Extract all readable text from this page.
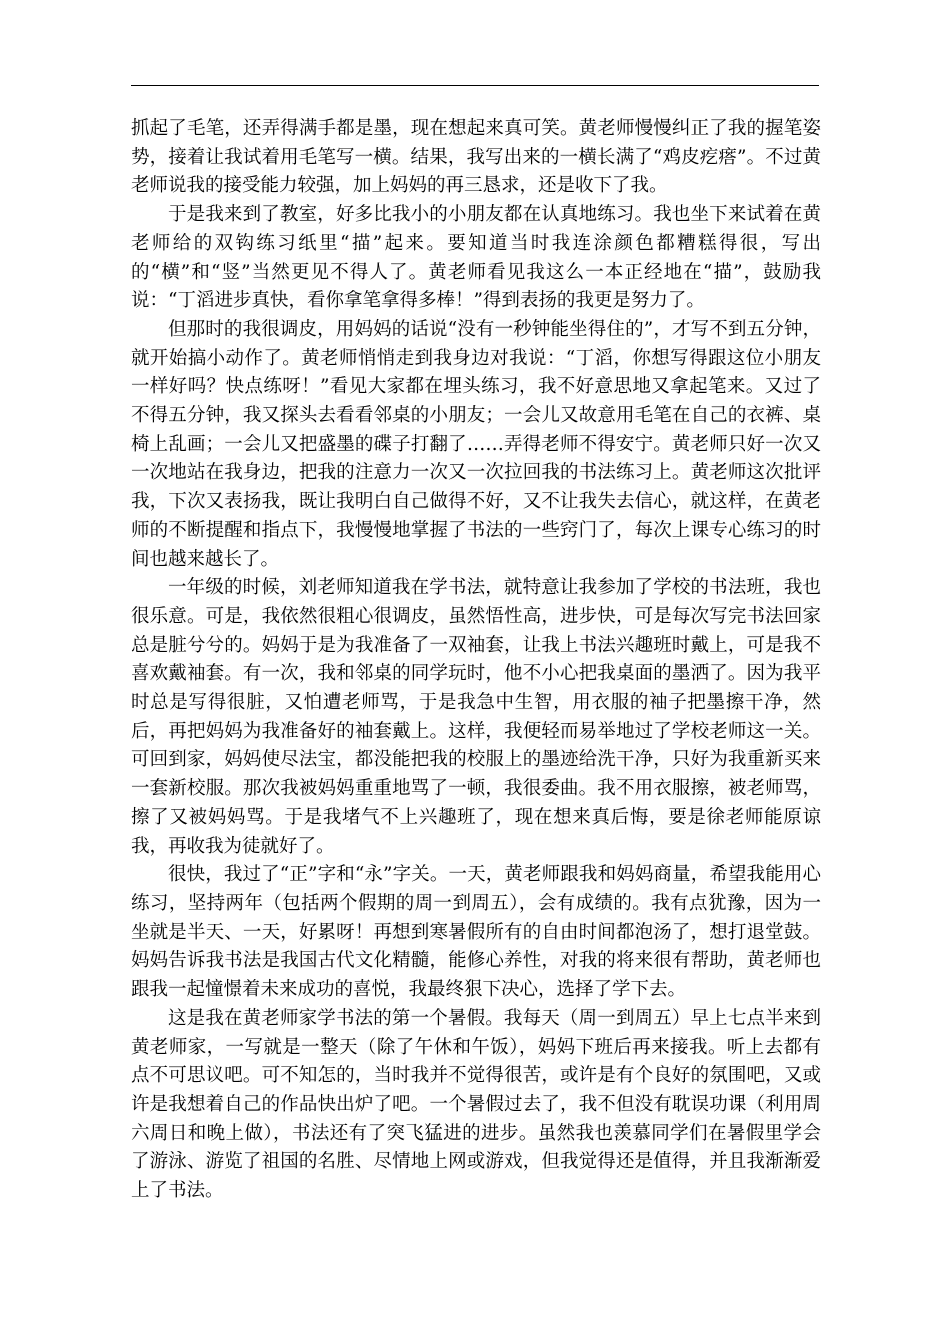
抓起了毛笔，还弄得满手都是墨，现在想起来真可笑。黄老师慢慢纠正了我的握笔姿势，接着让我试着用毛笔写一横。结果，我写出来的一横长满了“鸡皮疙瘩”。不过黄老师说我的接受能力较强，加上妈妈的再三恳求，还是收下了我。

于是我来到了教室，好多比我小的小朋友都在认真地练习。我也坐下来试着在黄老师给的双钩练习纸里“描”起来。要知道当时我连涂颜色都糟糕得很，写出的“横”和“竖”当然更见不得人了。黄老师看见我这么一本正经地在“描”，鼓励我说：“丁滔进步真快，看你拿笔拿得多棒！”得到表扬的我更是努力了。

但那时的我很调皮，用妈妈的话说“没有一秒钟能坐得住的”，才写不到五分钟，就开始搞小动作了。黄老师悄悄走到我身边对我说：“丁滔，你想写得跟这位小朋友一样好吗？快点练呀！”看见大家都在埋头练习，我不好意思地又拿起笔来。又过了不得五分钟，我又探头去看看邻桌的小朋友；一会儿又故意用毛笔在自己的衣裤、桌椅上乱画；一会儿又把盛墨的碟子打翻了……弄得老师不得安宁。黄老师只好一次又一次地站在我身边，把我的注意力一次又一次拉回我的书法练习上。黄老师这次批评我，下次又表扬我，既让我明白自己做得不好，又不让我失去信心，就这样，在黄老师的不断提醒和指点下，我慢慢地掌握了书法的一些窍门了，每次上课专心练习的时间也越来越长了。

一年级的时候，刘老师知道我在学书法，就特意让我参加了学校的书法班，我也很乐意。可是，我依然很粗心很调皮，虽然悟性高，进步快，可是每次写完书法回家总是脏兮兮的。妈妈于是为我准备了一双袖套，让我上书法兴趣班时戴上，可是我不喜欢戴袖套。有一次，我和邻桌的同学玩时，他不小心把我桌面的墨洒了。因为我平时总是写得很脏，又怕遭老师骂，于是我急中生智，用衣服的袖子把墨擦干净，然后，再把妈妈为我准备好的袖套戴上。这样，我便轻而易举地过了学校老师这一关。可回到家，妈妈使尽法宝，都没能把我的校服上的墨迹给洗干净，只好为我重新买来一套新校服。那次我被妈妈重重地骂了一顿，我很委曲。我不用衣服擦，被老师骂，擦了又被妈妈骂。于是我堵气不上兴趣班了，现在想来真后悔，要是徐老师能原谅我，再收我为徒就好了。

很快，我过了“正”字和“永”字关。一天，黄老师跟我和妈妈商量，希望我能用心练习，坚持两年（包括两个假期的周一到周五），会有成绩的。我有点犹豫，因为一坐就是半天、一天，好累呀！再想到寒暑假所有的自由时间都泡汤了，想打退堂鼓。妈妈告诉我书法是我国古代文化精髓，能修心养性，对我的将来很有帮助，黄老师也跟我一起憧憬着未来成功的喜悦，我最终狠下决心，选择了学下去。

这是我在黄老师家学书法的第一个暑假。我每天（周一到周五）早上七点半来到黄老师家，一写就是一整天（除了午休和午饭），妈妈下班后再来接我。听上去都有点不可思议吧。可不知怎的，当时我并不觉得很苦，或许是有个良好的氛围吧，又或许是我想着自己的作品快出炉了吧。一个暑假过去了，我不但没有耽误功课（利用周六周日和晚上做），书法还有了突飞猛进的进步。虽然我也羡慕同学们在暑假里学会了游泳、游览了祖国的名胜、尽情地上网或游戏，但我觉得还是值得，并且我渐渐爱上了书法。
